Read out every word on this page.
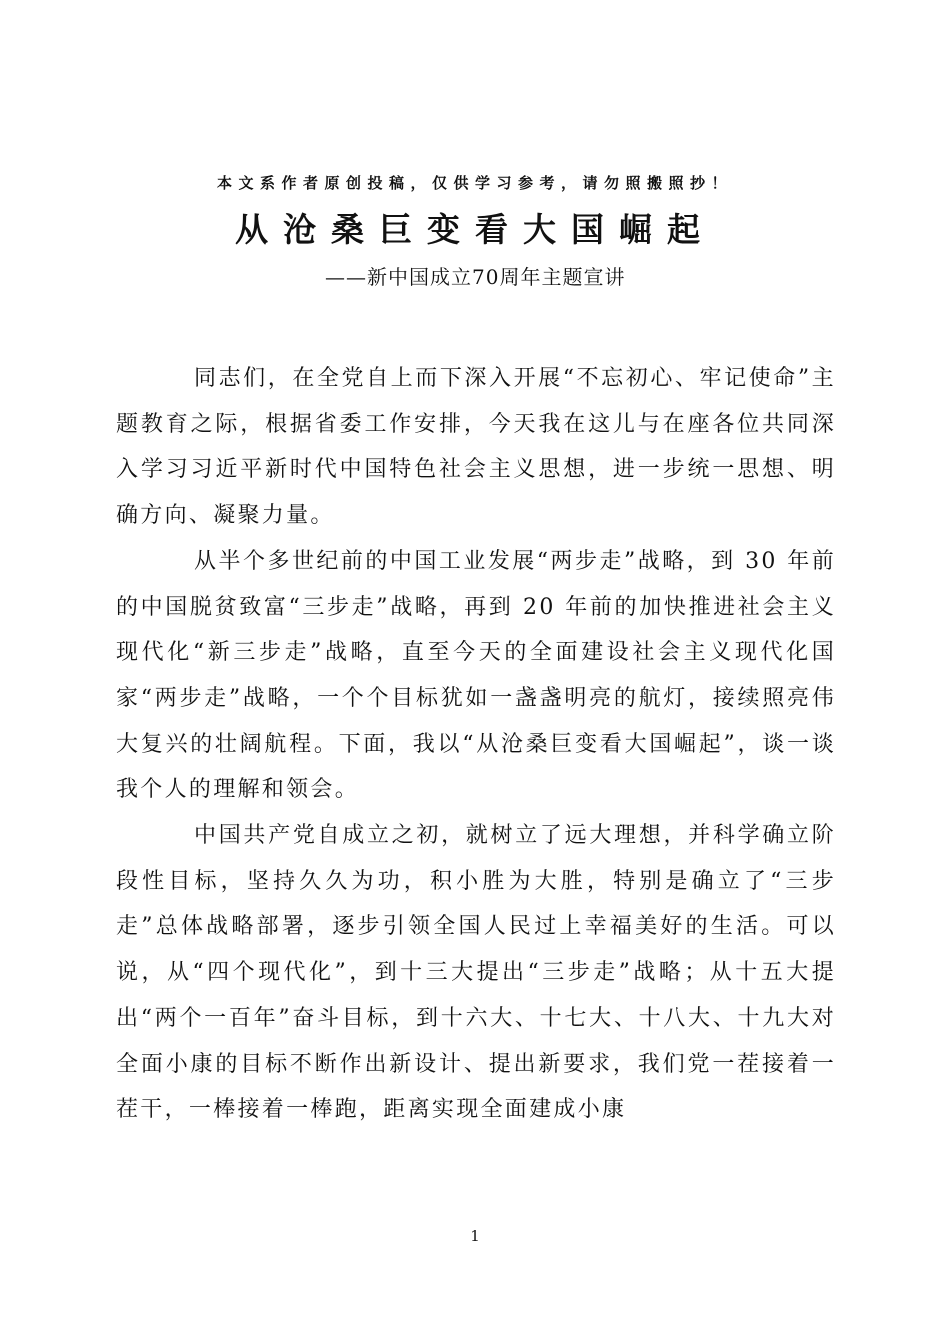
本文系作者原创投稿，仅供学习参考，请勿照搬照抄！
从沧桑巨变看大国崛起
——新中国成立70周年主题宣讲

同志们，在全党自上而下深入开展“不忘初心、牢记使命”主题教育之际，根据省委工作安排，今天我在这儿与在座各位共同深入学习习近平新时代中国特色社会主义思想，进一步统一思想、明确方向、凝聚力量。

从半个多世纪前的中国工业发展“两步走”战略，到 30 年前的中国脱贫致富“三步走”战略，再到 20 年前的加快推进社会主义现代化“新三步走”战略，直至今天的全面建设社会主义现代化国家“两步走”战略，一个个目标犹如一盏盏明亮的航灯，接续照亮伟大复兴的壮阔航程。下面，我以“从沧桑巨变看大国崛起”，谈一谈我个人的理解和领会。

中国共产党自成立之初，就树立了远大理想，并科学确立阶段性目标，坚持久久为功，积小胜为大胜，特别是确立了“三步走”总体战略部署，逐步引领全国人民过上幸福美好的生活。可以说，从“四个现代化”，到十三大提出“三步走”战略；从十五大提出“两个一百年”奋斗目标，到十六大、十七大、十八大、十九大对全面小康的目标不断作出新设计、提出新要求，我们党一茬接着一茬干，一棒接着一棒跑，距离实现全面建成小康

1
